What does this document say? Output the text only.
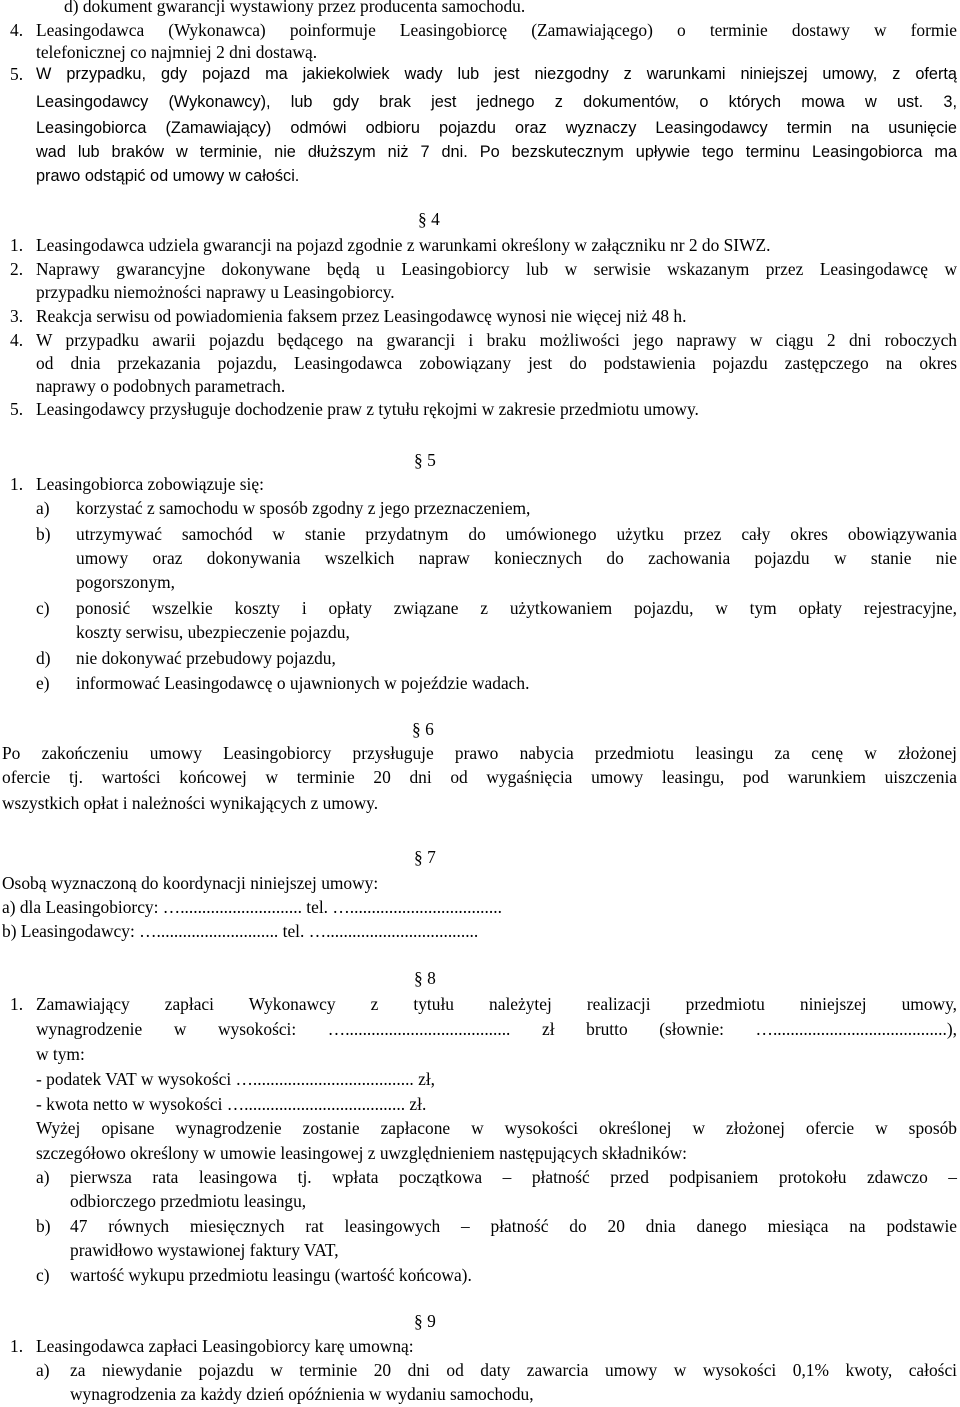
d) dokument gwarancji wystawiony przez producenta samochodu.
4. Leasingodawca (Wykonawca) poinformuje Leasingobiorcę (Zamawiającego) o terminie dostawy w formie
telefonicznej co najmniej 2 dni dostawą.
5. W przypadku, gdy pojazd ma jakiekolwiek wady lub jest niezgodny z warunkami niniejszej umowy, z ofertą
Leasingodawcy (Wykonawcy), lub gdy brak jest jednego z dokumentów, o których mowa w ust. 3,
Leasingobiorca (Zamawiający) odmówi odbioru pojazdu oraz wyznaczy Leasingodawcy termin na usunięcie
wad lub braków w terminie, nie dłuższym niż 7 dni. Po bezskutecznym upływie tego terminu Leasingobiorca ma
prawo odstąpić od umowy w całości.
§ 4
1. Leasingodawca udziela gwarancji na pojazd zgodnie z warunkami określony w załączniku nr 2 do SIWZ.
2. Naprawy gwarancyjne dokonywane będą u Leasingobiorcy lub w serwisie wskazanym przez Leasingodawcę w
przypadku niemożności naprawy u Leasingobiorcy.
3. Reakcja serwisu od powiadomienia faksem przez Leasingodawcę wynosi nie więcej niż 48 h.
4. W przypadku awarii pojazdu będącego na gwarancji i braku możliwości jego naprawy w ciągu 2 dni roboczych
od dnia przekazania pojazdu, Leasingodawca zobowiązany jest do podstawienia pojazdu zastępczego na okres
naprawy o podobnych parametrach.
5. Leasingodawcy przysługuje dochodzenie praw z tytułu rękojmi w zakresie przedmiotu umowy.
§ 5
1. Leasingobiorca zobowiązuje się:
a) korzystać z samochodu w sposób zgodny z jego przeznaczeniem,
b) utrzymywać samochód w stanie przydatnym do umówionego użytku przez cały okres obowiązywania
umowy oraz dokonywania wszelkich napraw koniecznych do zachowania pojazdu w stanie nie
pogorszonym,
c) ponosić wszelkie koszty i opłaty związane z użytkowaniem pojazdu, w tym opłaty rejestracyjne,
koszty serwisu, ubezpieczenie pojazdu,
d) nie dokonywać przebudowy pojazdu,
e) informować Leasingodawcę o ujawnionych w pojeździe wadach.
§ 6
Po zakończeniu umowy Leasingobiorcy przysługuje prawo nabycia przedmiotu leasingu za cenę w złożonej
ofercie tj. wartości końcowej w terminie 20 dni od wygaśnięcia umowy leasingu, pod warunkiem uiszczenia
wszystkich opłat i należności wynikających z umowy.
§ 7
Osobą wyznaczoną do koordynacji niniejszej umowy:
a) dla Leasingobiorcy: …............................ tel. …...................................
b) Leasingodawcy: …............................ tel. …...................................
§ 8
1. Zamawiający zapłaci Wykonawcy z tytułu należytej realizacji przedmiotu niniejszej umowy,
wynagrodzenie w wysokości: …...................................... zł brutto (słownie: …........................................),
w tym:
- podatek VAT w wysokości …..................................... zł,
- kwota netto w wysokości …..................................... zł.
Wyżej opisane wynagrodzenie zostanie zapłacone w wysokości określonej w złożonej ofercie w sposób
szczegółowo określony w umowie leasingowej z uwzględnieniem następujących składników:
a) pierwsza rata leasingowa tj. wpłata początkowa – płatność przed podpisaniem protokołu zdawczo –
odbiorczego przedmiotu leasingu,
b) 47 równych miesięcznych rat leasingowych – płatność do 20 dnia danego miesiąca na podstawie
prawidłowo wystawionej faktury VAT,
c) wartość wykupu przedmiotu leasingu (wartość końcowa).
§ 9
1. Leasingodawca zapłaci Leasingobiorcy karę umowną:
a) za niewydanie pojazdu w terminie 20 dni od daty zawarcia umowy w wysokości 0,1% kwoty, całości
wynagrodzenia za każdy dzień opóźnienia w wydaniu samochodu,
